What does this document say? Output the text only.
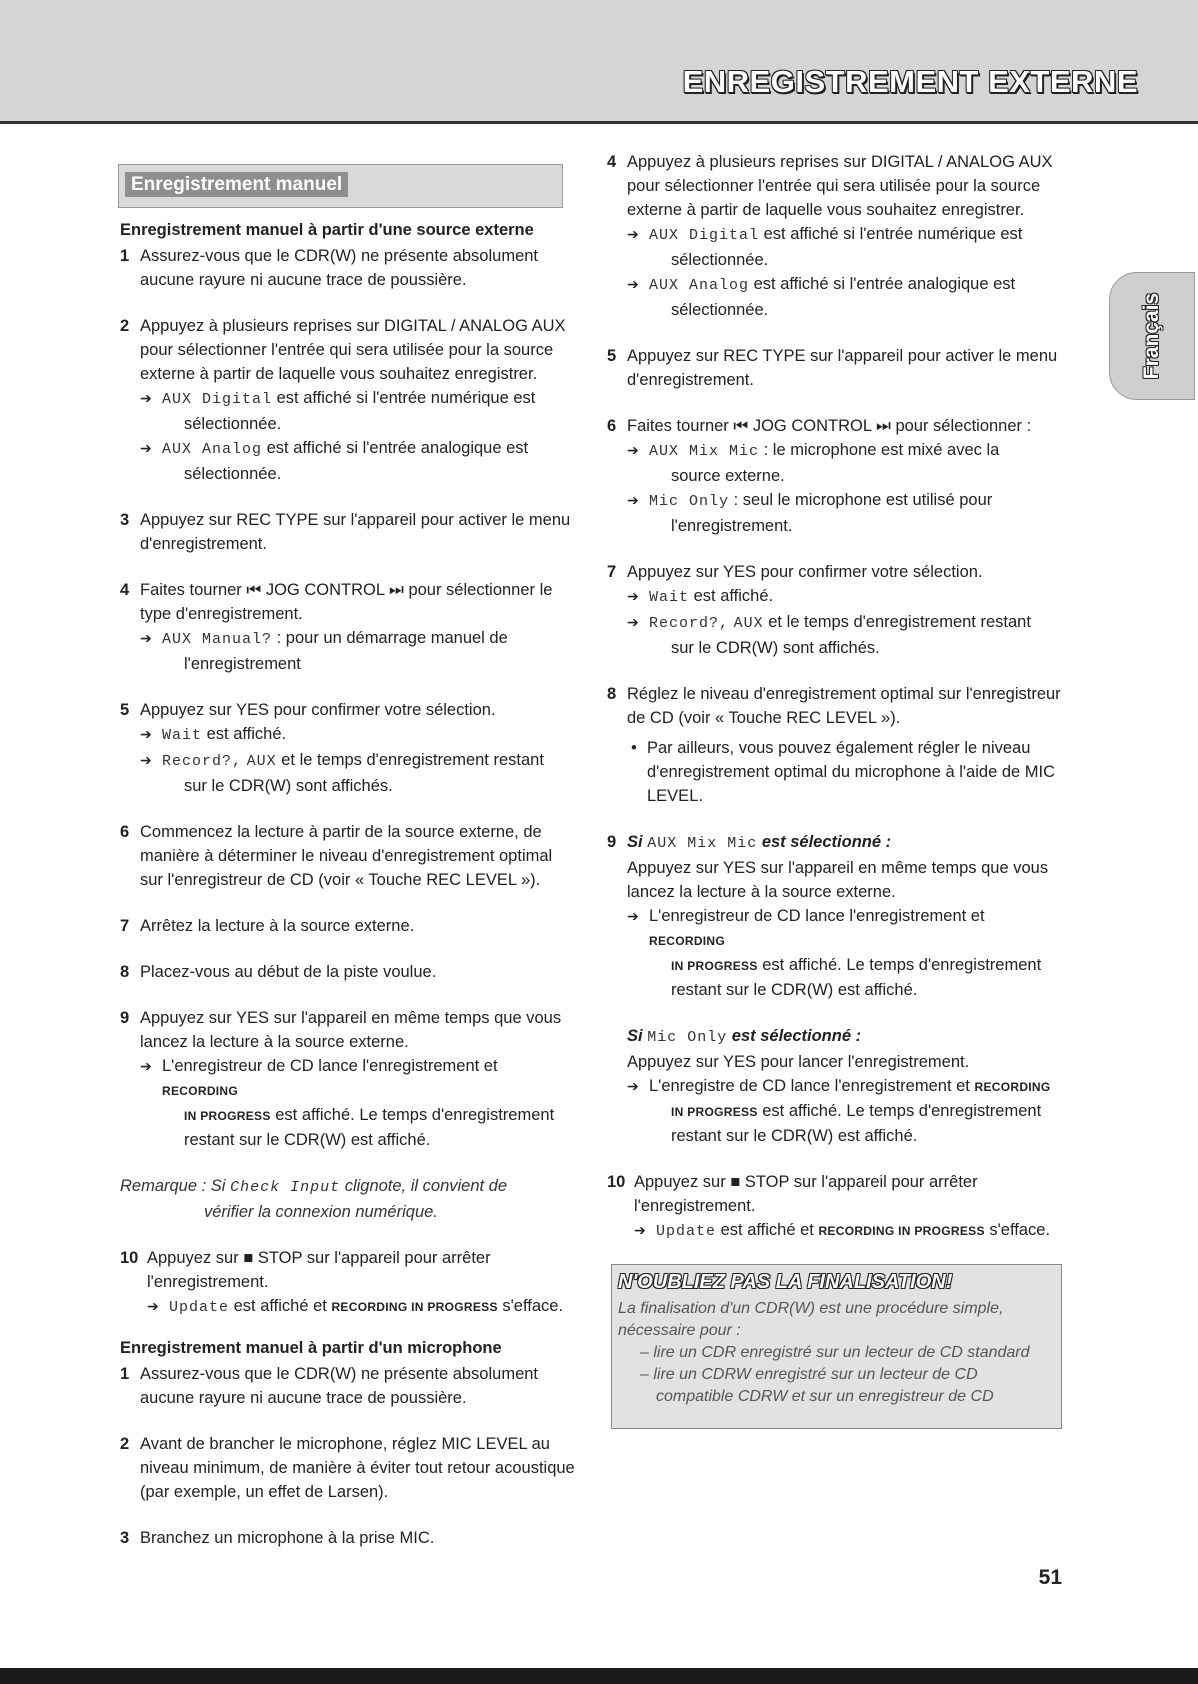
ENREGISTREMENT EXTERNE
Français
Enregistrement manuel
Enregistrement manuel à partir d'une source externe
1 Assurez-vous que le CDR(W) ne présente absolument aucune rayure ni aucune trace de poussière.
2 Appuyez à plusieurs reprises sur DIGITAL / ANALOG AUX pour sélectionner l'entrée qui sera utilisée pour la source externe à partir de laquelle vous souhaitez enregistrer.
➔ AUX Digital est affiché si l'entrée numérique est
sélectionnée.
➔ AUX Analog est affiché si l'entrée analogique est
sélectionnée.
3 Appuyez sur REC TYPE sur l'appareil pour activer le menu d'enregistrement.
4 Faites tourner ⏮ JOG CONTROL ⏭ pour sélectionner le type d'enregistrement.
➔ AUX Manual? : pour un démarrage manuel de
l'enregistrement
5 Appuyez sur YES pour confirmer votre sélection.
➔ Wait est affiché.
➔ Record?, AUX et le temps d'enregistrement restant
sur le CDR(W) sont affichés.
6 Commencez la lecture à partir de la source externe, de manière à déterminer le niveau d'enregistrement optimal sur l'enregistreur de CD (voir « Touche REC LEVEL »).
7 Arrêtez la lecture à la source externe.
8 Placez-vous au début de la piste voulue.
9 Appuyez sur YES sur l'appareil en même temps que vous lancez la lecture à la source externe.
➔ L'enregistreur de CD lance l'enregistrement et RECORDING
IN PROGRESS est affiché. Le temps d'enregistrement
restant sur le CDR(W) est affiché.
Remarque : Si Check Input clignote, il convient de
vérifier la connexion numérique.
10 Appuyez sur ■ STOP sur l'appareil pour arrêter
l'enregistrement.
➔ Update est affiché et RECORDING IN PROGRESS s'efface.
Enregistrement manuel à partir d'un microphone
1 Assurez-vous que le CDR(W) ne présente absolument aucune rayure ni aucune trace de poussière.
2 Avant de brancher le microphone, réglez MIC LEVEL au niveau minimum, de manière à éviter tout retour acoustique (par exemple, un effet de Larsen).
3 Branchez un microphone à la prise MIC.
4 Appuyez à plusieurs reprises sur DIGITAL / ANALOG AUX pour sélectionner l'entrée qui sera utilisée pour la source externe à partir de laquelle vous souhaitez enregistrer.
➔ AUX Digital est affiché si l'entrée numérique est
sélectionnée.
➔ AUX Analog est affiché si l'entrée analogique est
sélectionnée.
5 Appuyez sur REC TYPE sur l'appareil pour activer le menu d'enregistrement.
6 Faites tourner ⏮ JOG CONTROL ⏭ pour sélectionner :
➔ AUX Mix Mic : le microphone est mixé avec la
source externe.
➔ Mic Only : seul le microphone est utilisé pour
l'enregistrement.
7 Appuyez sur YES pour confirmer votre sélection.
➔ Wait est affiché.
➔ Record?, AUX et le temps d'enregistrement restant
sur le CDR(W) sont affichés.
8 Réglez le niveau d'enregistrement optimal sur l'enregistreur de CD (voir « Touche REC LEVEL »).
• Par ailleurs, vous pouvez également régler le niveau d'enregistrement optimal du microphone à l'aide de MIC LEVEL.
9 Si AUX Mix Mic est sélectionné :
Appuyez sur YES sur l'appareil en même temps que vous lancez la lecture à la source externe.
➔ L'enregistreur de CD lance l'enregistrement et RECORDING
IN PROGRESS est affiché. Le temps d'enregistrement
restant sur le CDR(W) est affiché.
Si Mic Only est sélectionné :
Appuyez sur YES pour lancer l'enregistrement.
➔ L'enregistre de CD lance l'enregistrement et RECORDING
IN PROGRESS est affiché. Le temps d'enregistrement
restant sur le CDR(W) est affiché.
10 Appuyez sur ■ STOP sur l'appareil pour arrêter
l'enregistrement.
➔ Update est affiché et RECORDING IN PROGRESS s'efface.
N'OUBLIEZ PAS LA FINALISATION!
La finalisation d'un CDR(W) est une procédure simple,
nécessaire pour :
– lire un CDR enregistré sur un lecteur de CD standard
– lire un CDRW enregistré sur un lecteur de CD
compatible CDRW et sur un enregistreur de CD
51
